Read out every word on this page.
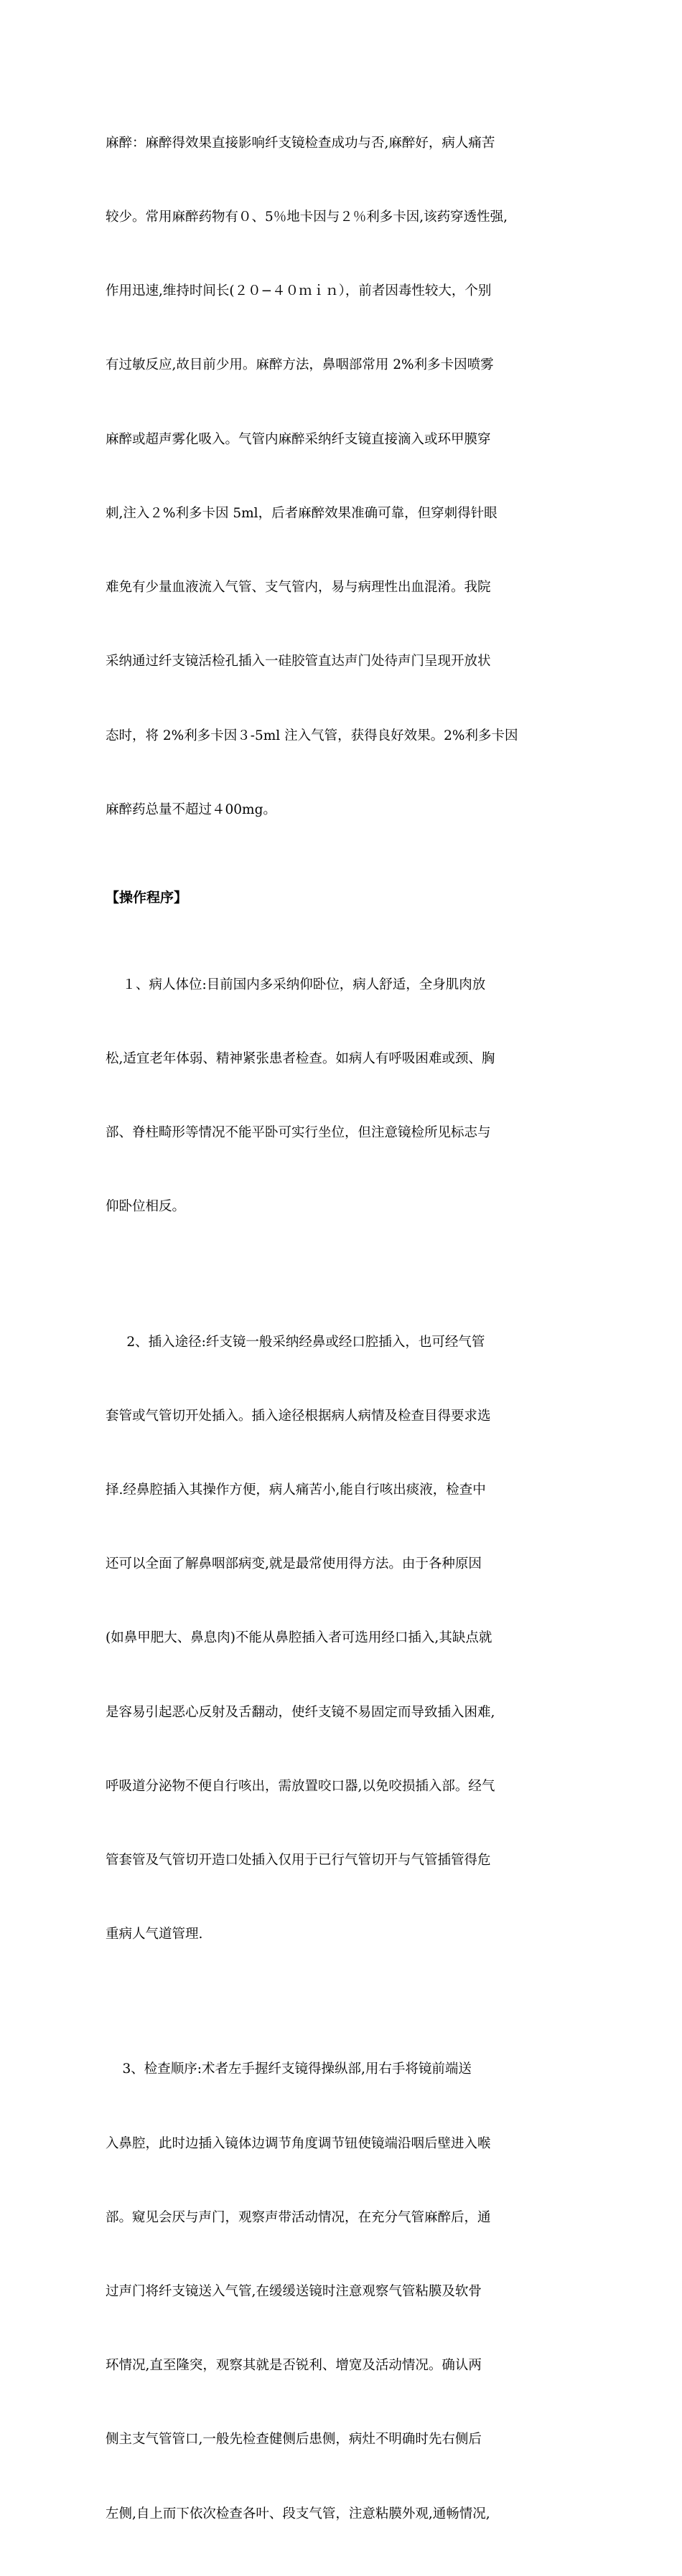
麻醉：麻醉得效果直接影响纤支镜检查成功与否,麻醉好，病人痛苦

较少。常用麻醉药物有０、5％地卡因与２％利多卡因,该药穿透性强,

作用迅速,维持时间长(２０−４０ｍｉｎ），前者因毒性较大，个别

有过敏反应,故目前少用。麻醉方法，鼻咽部常用 2%利多卡因喷雾

麻醉或超声雾化吸入。气管内麻醉采纳纤支镜直接滴入或环甲膜穿

刺,注入２%利多卡因 5ml，后者麻醉效果准确可靠，但穿刺得针眼

难免有少量血液流入气管、支气管内，易与病理性出血混淆。我院

采纳通过纤支镜活检孔插入一硅胶管直达声门处待声门呈现开放状

态时，将 2%利多卡因３-5ml 注入气管，获得良好效果。2%利多卡因

麻醉药总量不超过４00mg。

【操作程序】

１、病人体位:目前国内多采纳仰卧位，病人舒适，全身肌肉放

松,适宜老年体弱、精神紧张患者检查。如病人有呼吸困难或颈、胸

部、脊柱畸形等情况不能平卧可实行坐位，但注意镜检所见标志与

仰卧位相反。

2、插入途径:纤支镜一般采纳经鼻或经口腔插入，也可经气管

套管或气管切开处插入。插入途径根据病人病情及检查目得要求选

择.经鼻腔插入其操作方便，病人痛苦小,能自行咳出痰液，检查中

还可以全面了解鼻咽部病变,就是最常使用得方法。由于各种原因

(如鼻甲肥大、鼻息肉)不能从鼻腔插入者可选用经口插入,其缺点就

是容易引起恶心反射及舌翻动，使纤支镜不易固定而导致插入困难,

呼吸道分泌物不便自行咳出，需放置咬口器,以免咬损插入部。经气

管套管及气管切开造口处插入仅用于已行气管切开与气管插管得危

重病人气道管理.

3、检查顺序:术者左手握纤支镜得操纵部,用右手将镜前端送

入鼻腔，此时边插入镜体边调节角度调节钮使镜端沿咽后壁进入喉

部。窥见会厌与声门，观察声带活动情况，在充分气管麻醉后，通

过声门将纤支镜送入气管,在缓缓送镜时注意观察气管粘膜及软骨

环情况,直至隆突，观察其就是否锐利、增宽及活动情况。确认两

侧主支气管管口,一般先检查健侧后患侧，病灶不明确时先右侧后

左侧,自上而下依次检查各叶、段支气管，注意粘膜外观,通畅情况,
